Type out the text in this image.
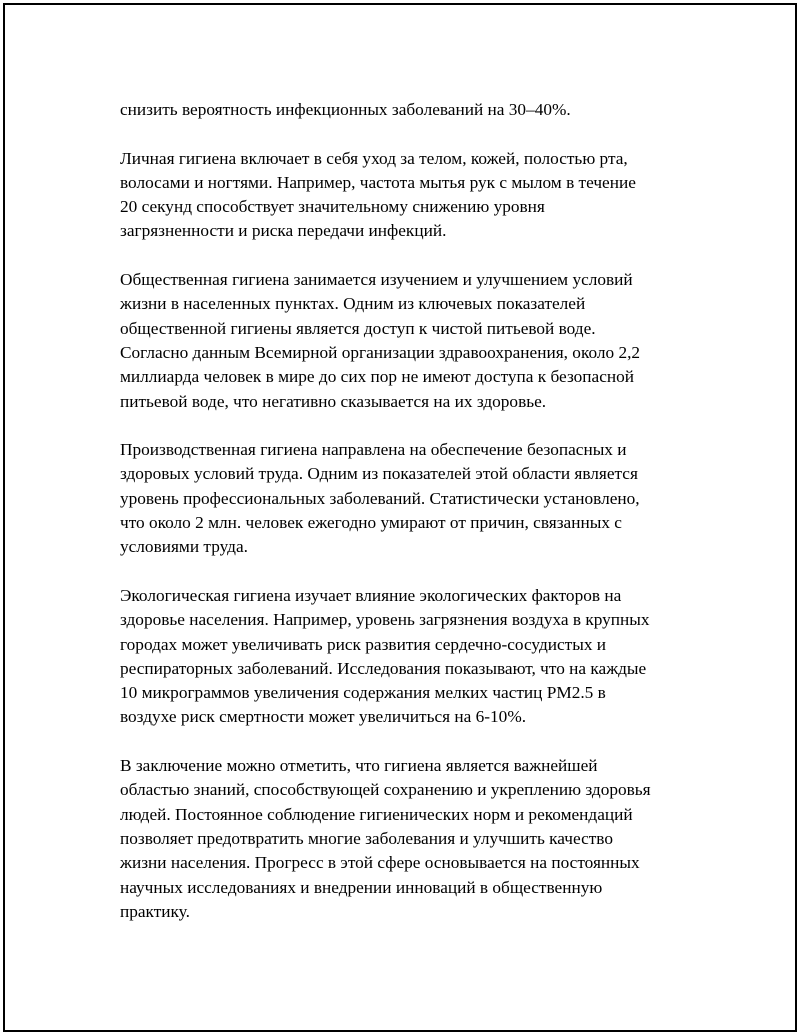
снизить вероятность инфекционных заболеваний на 30–40%.

Личная гигиена включает в себя уход за телом, кожей, полостью рта,
волосами и ногтями. Например, частота мытья рук с мылом в течение
20 секунд способствует значительному снижению уровня
загрязненности и риска передачи инфекций.

Общественная гигиена занимается изучением и улучшением условий
жизни в населенных пунктах. Одним из ключевых показателей
общественной гигиены является доступ к чистой питьевой воде.
Согласно данным Всемирной организации здравоохранения, около 2,2
миллиарда человек в мире до сих пор не имеют доступа к безопасной
питьевой воде, что негативно сказывается на их здоровье.

Производственная гигиена направлена на обеспечение безопасных и
здоровых условий труда. Одним из показателей этой области является
уровень профессиональных заболеваний. Статистически установлено,
что около 2 млн. человек ежегодно умирают от причин, связанных с
условиями труда.

Экологическая гигиена изучает влияние экологических факторов на
здоровье населения. Например, уровень загрязнения воздуха в крупных
городах может увеличивать риск развития сердечно-сосудистых и
респираторных заболеваний. Исследования показывают, что на каждые
10 микрограммов увеличения содержания мелких частиц PM2.5 в
воздухе риск смертности может увеличиться на 6-10%.

В заключение можно отметить, что гигиена является важнейшей
областью знаний, способствующей сохранению и укреплению здоровья
людей. Постоянное соблюдение гигиенических норм и рекомендаций
позволяет предотвратить многие заболевания и улучшить качество
жизни населения. Прогресс в этой сфере основывается на постоянных
научных исследованиях и внедрении инноваций в общественную
практику.
